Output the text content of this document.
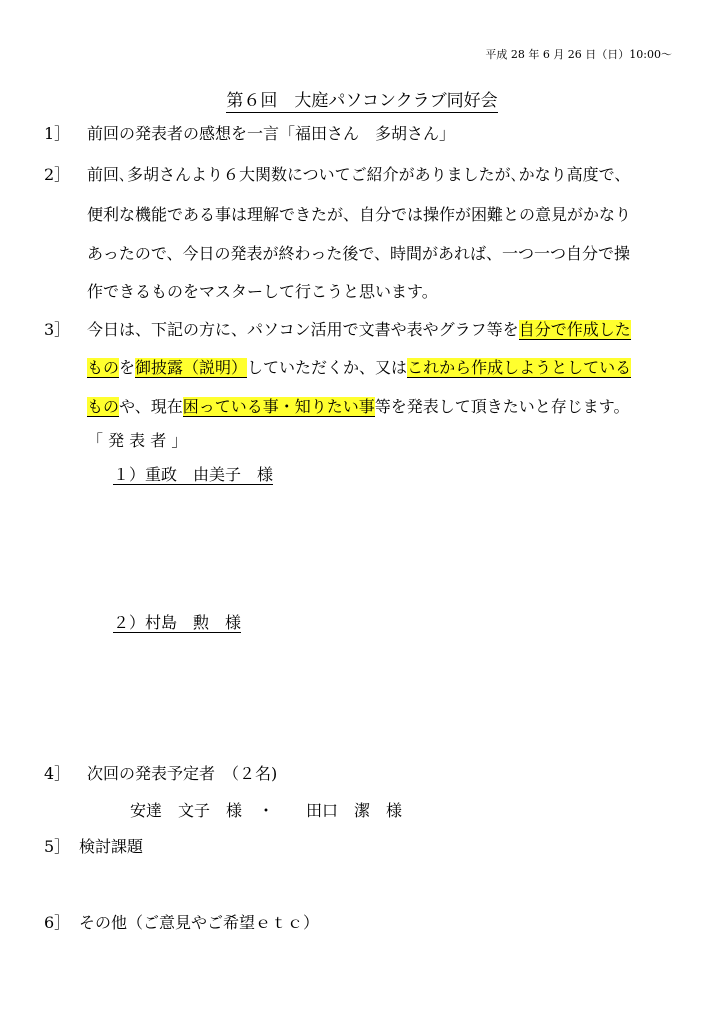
平成 28 年 6 月 26 日（日）10:00～
第６回　大庭パソコンクラブ同好会
1］ 前回の発表者の感想を一言「福田さん　多胡さん」
2］ 前回､多胡さんより６大関数についてご紹介がありましたが､かなり高度で、
便利な機能である事は理解できたが、自分では操作が困難との意見がかなり
あったので、今日の発表が終わった後で、時間があれば、一つ一つ自分で操
作できるものをマスターして行こうと思います。
3］ 今日は、下記の方に、パソコン活用で文書や表やグラフ等を自分で作成した
ものを御披露（説明）していただくか、又はこれから作成しようとしている
ものや、現在困っている事・知りたい事等を発表して頂きたいと存じます。
「 発 表 者 」
１）重政　由美子　様
２）村島　勲　様
4］ 次回の発表予定者　（２名)
安達　文子　様　・　　田口　潔　様
5］ 検討課題
6］ その他（ご意見やご希望ｅｔｃ）
